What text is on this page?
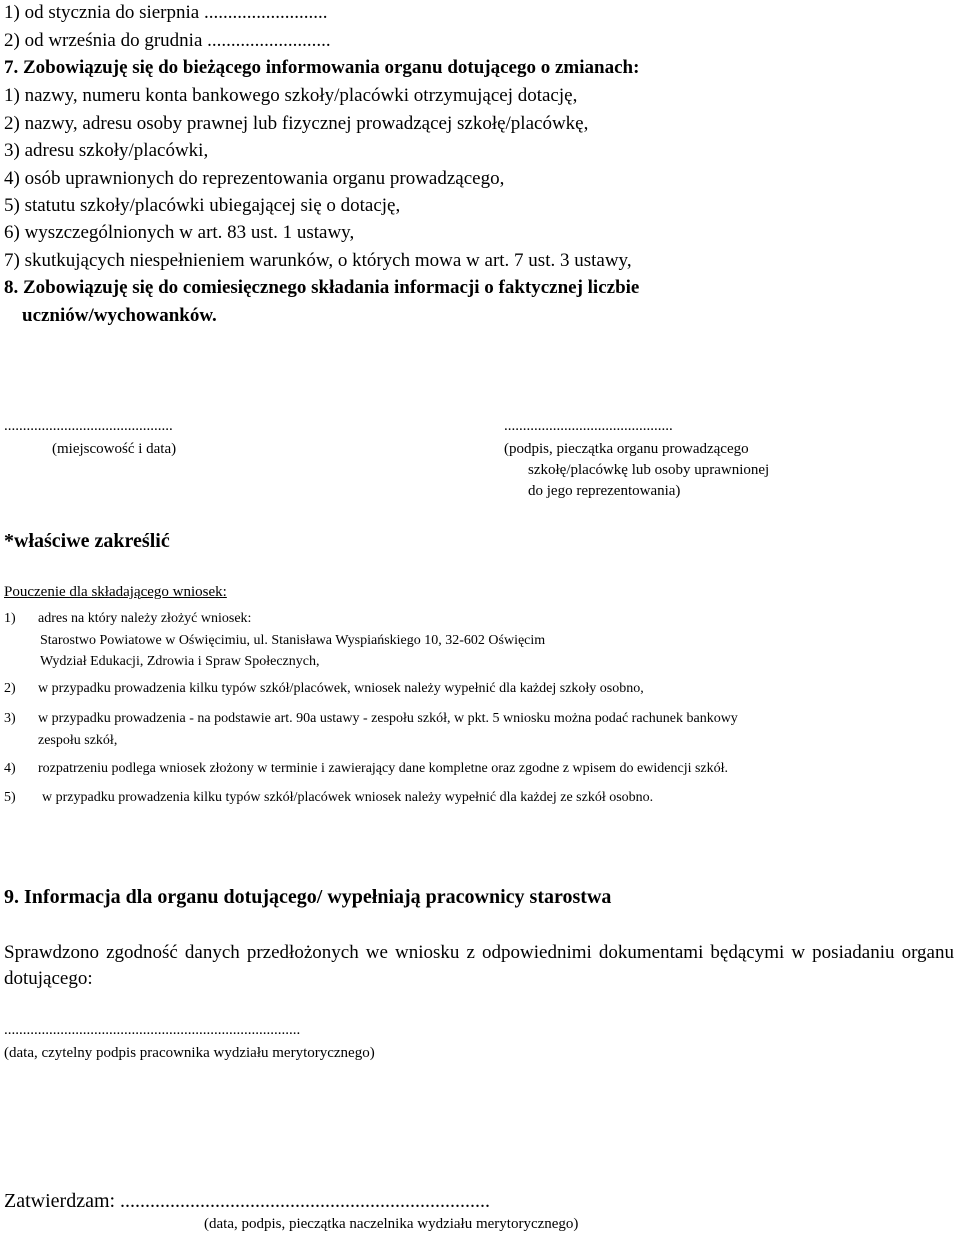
1) od stycznia do sierpnia ..........................
2) od września do grudnia ..........................
7. Zobowiązuję się do bieżącego informowania organu dotującego o zmianach:
1) nazwy, numeru konta bankowego szkoły/placówki otrzymującej dotację,
2) nazwy, adresu osoby prawnej lub fizycznej prowadzącej szkołę/placówkę,
3) adresu szkoły/placówki,
4) osób uprawnionych do reprezentowania organu prowadzącego,
5) statutu szkoły/placówki ubiegającej się o dotację,
6) wyszczególnionych w art. 83 ust. 1 ustawy,
7) skutkujących niespełnieniem warunków, o których mowa w art. 7 ust. 3 ustawy,
8. Zobowiązuję się do comiesięcznego składania informacji o faktycznej liczbie
uczniów/wychowanków.
.............................................
(miejscowość i data)
.............................................
(podpis, pieczątka organu prowadzącego
szkołę/placówkę lub osoby uprawnionej
do jego reprezentowania)
*właściwe zakreślić
Pouczenie dla składającego wniosek:
1) adres na który należy złożyć wniosek:
Starostwo Powiatowe w Oświęcimiu, ul. Stanisława Wyspiańskiego 10, 32-602 Oświęcim
Wydział Edukacji, Zdrowia i Spraw Społecznych,
2) w przypadku prowadzenia kilku typów szkół/placówek, wniosek należy wypełnić dla każdej szkoły osobno,
3) w przypadku prowadzenia - na podstawie art. 90a ustawy - zespołu szkół, w pkt. 5 wniosku można podać rachunek bankowy
zespołu szkół,
4) rozpatrzeniu podlega wniosek złożony w terminie i zawierający dane kompletne oraz zgodne z wpisem do ewidencji szkół.
5) w przypadku prowadzenia kilku typów szkół/placówek wniosek należy wypełnić dla każdej ze szkół osobno.
9. Informacja dla organu dotującego/ wypełniają pracownicy starostwa
Sprawdzono zgodność danych przedłożonych we wniosku z odpowiednimi dokumentami będącymi w posiadaniu organu dotującego:
...............................................................................
(data, czytelny podpis pracownika wydziału merytorycznego)
Zatwierdzam: ..........................................................................
(data, podpis, pieczątka naczelnika wydziału merytorycznego)
